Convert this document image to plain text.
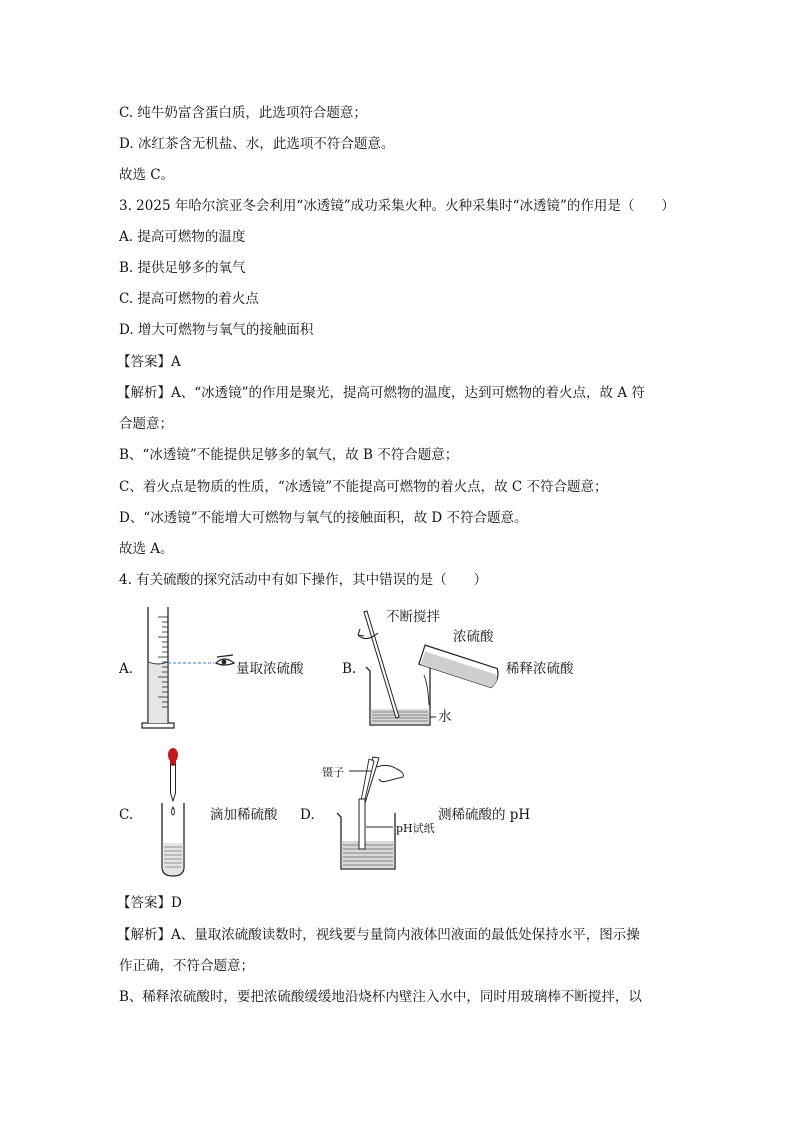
C. 纯牛奶富含蛋白质，此选项符合题意；
D. 冰红茶含无机盐、水，此选项不符合题意。
故选 C。
3. 2025 年哈尔滨亚冬会利用“冰透镜”成功采集火种。火种采集时“冰透镜”的作用是（　　）
A. 提高可燃物的温度
B. 提供足够多的氧气
C. 提高可燃物的着火点
D. 增大可燃物与氧气的接触面积
【答案】A
【解析】A、“冰透镜”的作用是聚光，提高可燃物的温度，达到可燃物的着火点，故 A 符
合题意；
B、“冰透镜”不能提供足够多的氧气，故 B 不符合题意；
C、着火点是物质的性质，“冰透镜”不能提高可燃物的着火点，故 C 不符合题意；
D、“冰透镜”不能增大可燃物与氧气的接触面积，故 D 不符合题意。
故选 A。
4. 有关硫酸的探究活动中有如下操作，其中错误的是（　　）
A.	量取浓硫酸	B.
不断搅拌
浓硫酸
稀释浓硫酸
水
C.	滴加稀硫酸 D.
镊子
pH试纸
测稀硫酸的 pH
【答案】D
【解析】A、量取浓硫酸读数时，视线要与量筒内液体凹液面的最低处保持水平，图示操
作正确，不符合题意；
B、稀释浓硫酸时，要把浓硫酸缓缓地沿烧杯内壁注入水中，同时用玻璃棒不断搅拌，以
